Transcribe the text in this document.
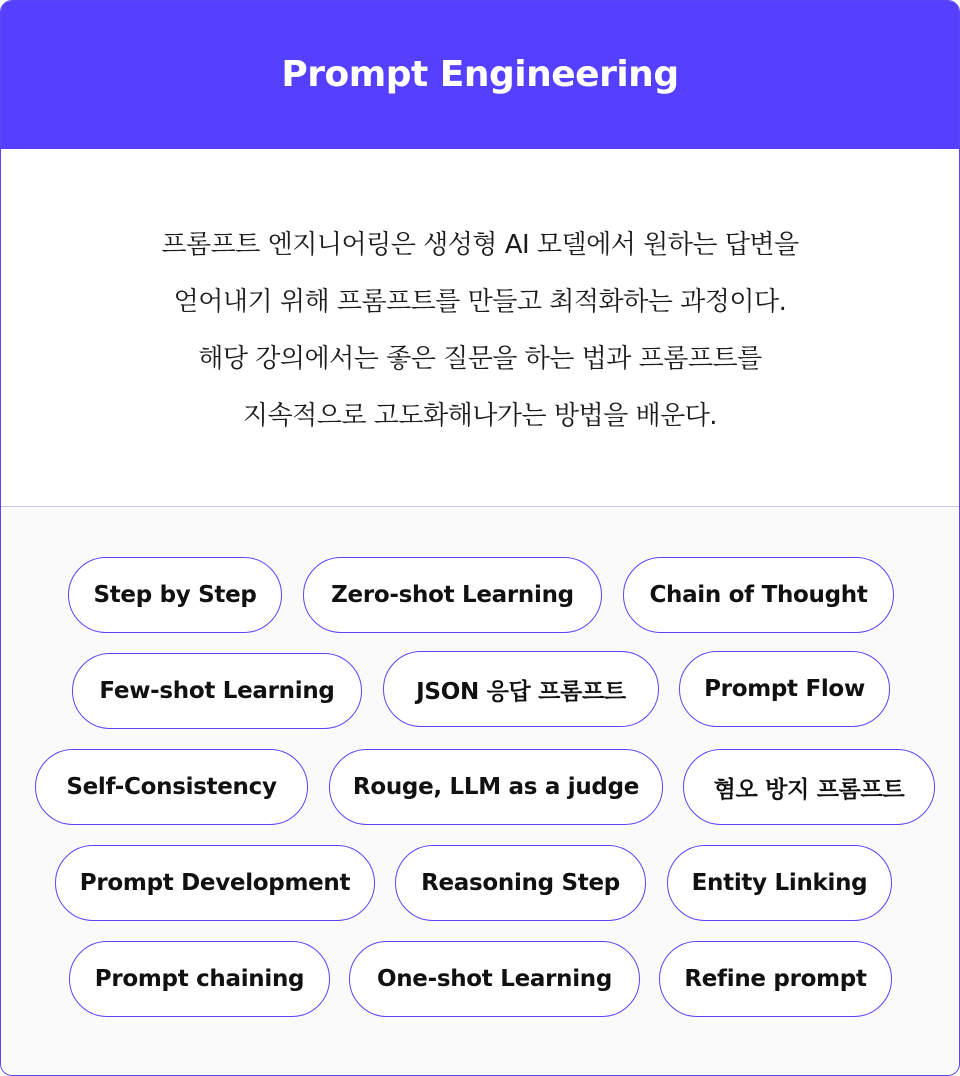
Prompt Engineering
프롬프트 엔지니어링은 생성형 AI 모델에서 원하는 답변을
얻어내기 위해 프롬프트를 만들고 최적화하는 과정이다.
해당 강의에서는 좋은 질문을 하는 법과 프롬프트를
지속적으로 고도화해나가는 방법을 배운다.
Step by Step	Zero-shot Learning	Chain of Thought
Few-shot Learning	JSON 응답 프롬프트	Prompt Flow
Self-Consistency	Rouge, LLM as a judge	혐오 방지 프롬프트
Prompt Development	Reasoning Step	Entity Linking
Prompt chaining	One-shot Learning	Refine prompt
